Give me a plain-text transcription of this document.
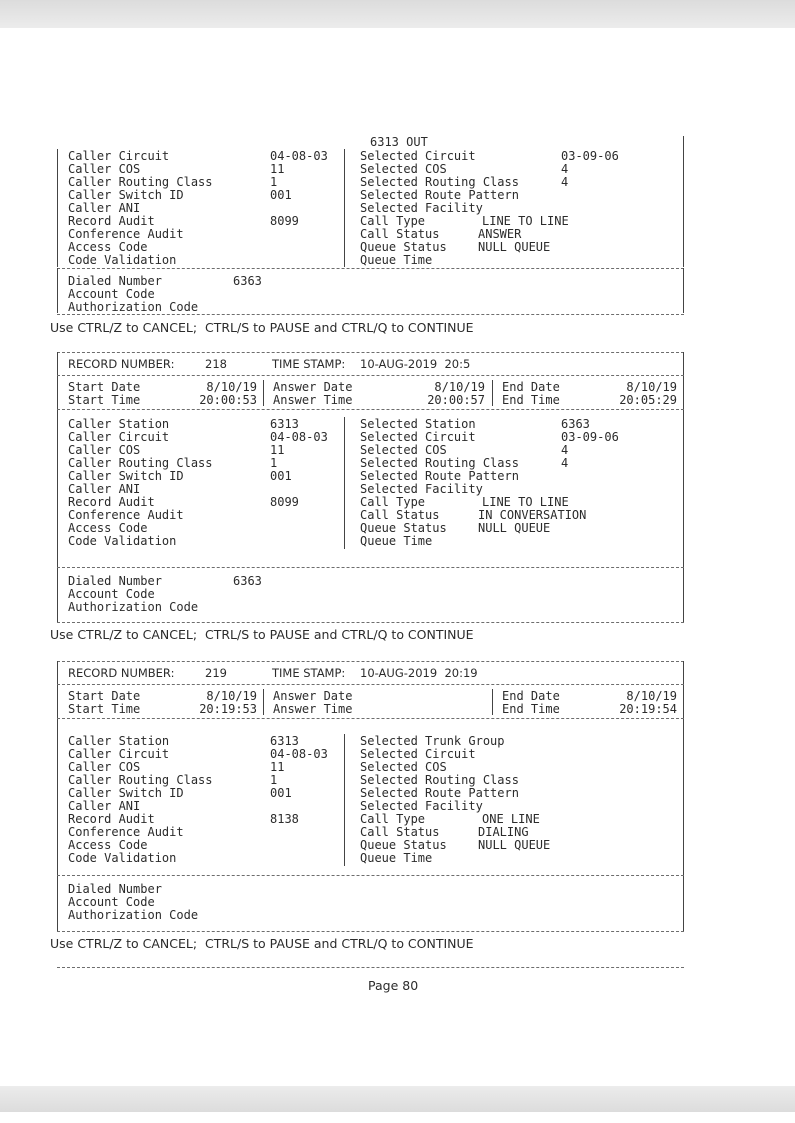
6313 OUT
Caller Circuit	04-08-03
Caller COS	11
Caller Routing Class	1
Caller Switch ID	001
Caller ANI
Record Audit	8099
Conference Audit
Access Code
Code Validation
Selected Circuit	03-09-06
Selected COS	4
Selected Routing Class	4
Selected Route Pattern
Selected Facility
Call Type	LINE TO LINE
Call Status	ANSWER
Queue Status	NULL QUEUE
Queue Time
Dialed Number	6363
Account Code
Authorization Code
Use CTRL/Z to CANCEL;  CTRL/S to PAUSE and CTRL/Q to CONTINUE
RECORD NUMBER:	218	TIME STAMP: 10-AUG-2019  20:5
Start Date	8/10/19 Answer Date	8/10/19 End Date	8/10/19
Start Time	20:00:53 Answer Time	20:00:57 End Time	20:05:29
Caller Station	6313
Caller Circuit	04-08-03
Caller COS	11
Caller Routing Class	1
Caller Switch ID	001
Caller ANI
Record Audit	8099
Conference Audit
Access Code
Code Validation
Selected Station	6363
Selected Circuit	03-09-06
Selected COS	4
Selected Routing Class	4
Selected Route Pattern
Selected Facility
Call Type	LINE TO LINE
Call Status	IN CONVERSATION
Queue Status	NULL QUEUE
Queue Time
Dialed Number	6363
Account Code
Authorization Code
Use CTRL/Z to CANCEL;  CTRL/S to PAUSE and CTRL/Q to CONTINUE
RECORD NUMBER:	219	TIME STAMP: 10-AUG-2019  20:19
Start Date	8/10/19 Answer Date	End Date	8/10/19
Start Time	20:19:53 Answer Time	End Time	20:19:54
Caller Station	6313
Caller Circuit	04-08-03
Caller COS	11
Caller Routing Class	1
Caller Switch ID	001
Caller ANI
Record Audit	8138
Conference Audit
Access Code
Code Validation
Selected Trunk Group
Selected Circuit
Selected COS
Selected Routing Class
Selected Route Pattern
Selected Facility
Call Type	ONE LINE
Call Status	DIALING
Queue Status	NULL QUEUE
Queue Time
Dialed Number
Account Code
Authorization Code
Use CTRL/Z to CANCEL;  CTRL/S to PAUSE and CTRL/Q to CONTINUE
Page 80
